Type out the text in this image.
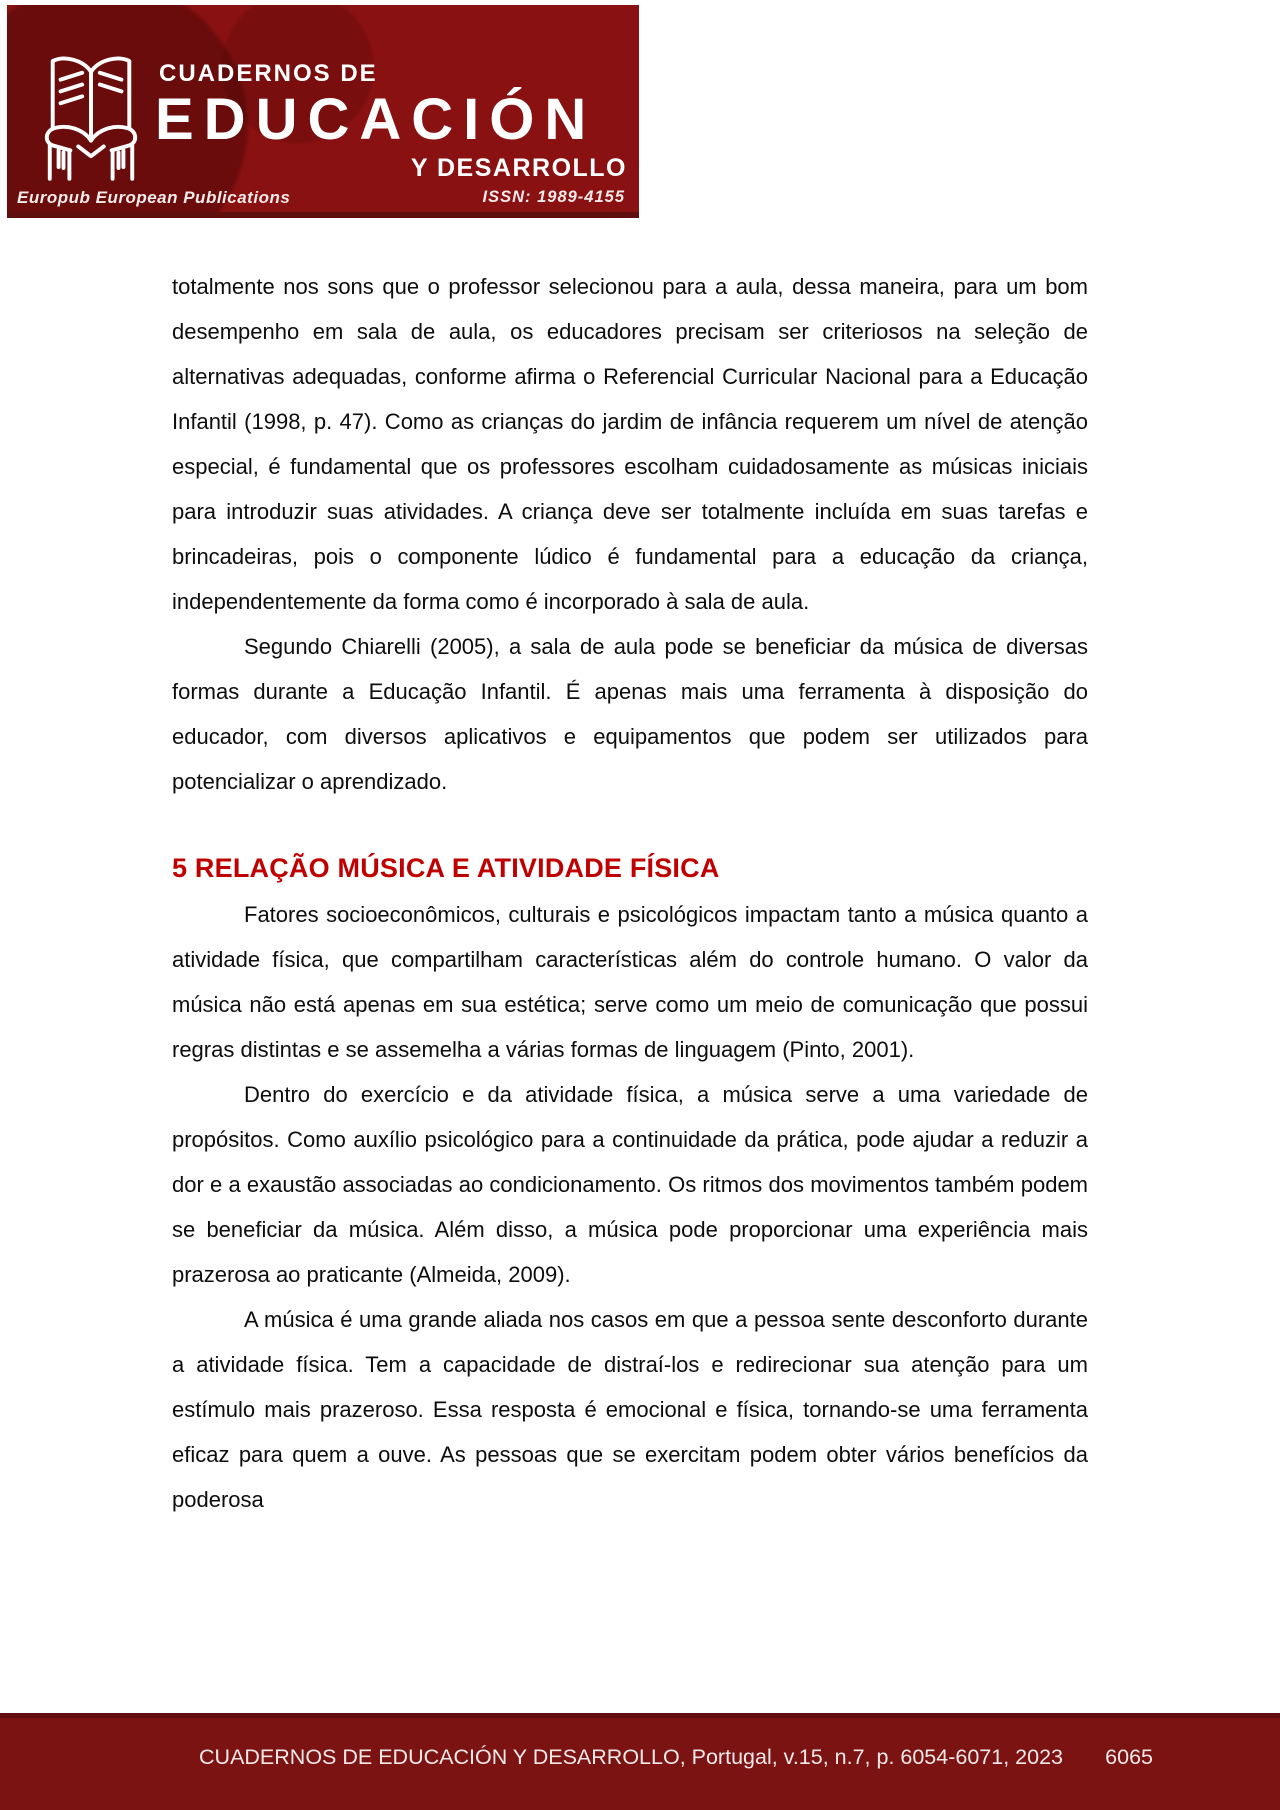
CUADERNOS DE
EDUCACIÓN
Y DESARROLLO
Europub European Publications	ISSN: 1989-4155

totalmente nos sons que o professor selecionou para a aula, dessa maneira, para um bom desempenho em sala de aula, os educadores precisam ser criteriosos na seleção de alternativas adequadas, conforme afirma o Referencial Curricular Nacional para a Educação Infantil (1998, p. 47). Como as crianças do jardim de infância requerem um nível de atenção especial, é fundamental que os professores escolham cuidadosamente as músicas iniciais para introduzir suas atividades. A criança deve ser totalmente incluída em suas tarefas e brincadeiras, pois o componente lúdico é fundamental para a educação da criança, independentemente da forma como é incorporado à sala de aula.

Segundo Chiarelli (2005), a sala de aula pode se beneficiar da música de diversas formas durante a Educação Infantil. É apenas mais uma ferramenta à disposição do educador, com diversos aplicativos e equipamentos que podem ser utilizados para potencializar o aprendizado.

5 RELAÇÃO MÚSICA E ATIVIDADE FÍSICA

Fatores socioeconômicos, culturais e psicológicos impactam tanto a música quanto a atividade física, que compartilham características além do controle humano. O valor da música não está apenas em sua estética; serve como um meio de comunicação que possui regras distintas e se assemelha a várias formas de linguagem (Pinto, 2001).

Dentro do exercício e da atividade física, a música serve a uma variedade de propósitos. Como auxílio psicológico para a continuidade da prática, pode ajudar a reduzir a dor e a exaustão associadas ao condicionamento. Os ritmos dos movimentos também podem se beneficiar da música. Além disso, a música pode proporcionar uma experiência mais prazerosa ao praticante (Almeida, 2009).

A música é uma grande aliada nos casos em que a pessoa sente desconforto durante a atividade física. Tem a capacidade de distraí-los e redirecionar sua atenção para um estímulo mais prazeroso. Essa resposta é emocional e física, tornando-se uma ferramenta eficaz para quem a ouve. As pessoas que se exercitam podem obter vários benefícios da poderosa

CUADERNOS DE EDUCACIÓN Y DESARROLLO, Portugal, v.15, n.7, p. 6054-6071, 2023 6065
